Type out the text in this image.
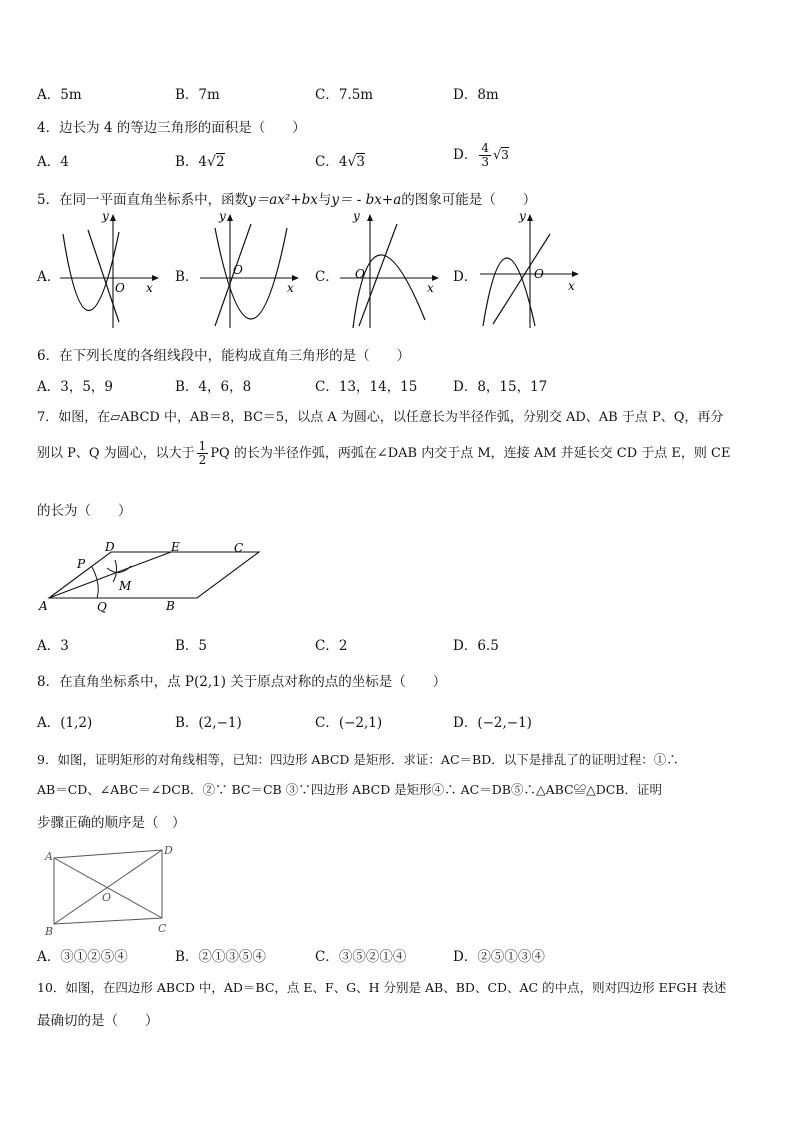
A．5m	B．7m	C．7.5m	D．8m
4．边长为 4 的等边三角形的面积是（　　）
A．4	B．4√2	C．4√3	D． $\frac{4}{3} √3$
5．在同一平面直角坐标系中，函数y＝ax²+bx与y＝ - bx+a的图象可能是（　　）
A．	B．	C．	D．
y
x
O
y
x
O
y
x
O
y
x
O
6．在下列长度的各组线段中，能构成直角三角形的是（　　）
A．3，5，9	B．4，6，8	C．13，14，15	D．8，15，17
7．如图，在▱ABCD 中，AB＝8，BC＝5，以点 A 为圆心，以任意长为半径作弧，分别交 AD、AB 于点 P、Q，再分
别以 P、Q 为圆心，以大于 $\frac{1}{2}$ PQ 的长为半径作弧，两弧在∠DAB 内交于点 M，连接 AM 并延长交 CD 于点 E，则 CE
的长为（　　）
D	E	C
P
M
A	Q	B
A．3	B．5	C．2	D．6.5
8．在直角坐标系中，点 P(2,1) 关于原点对称的点的坐标是（　　）
A．(1,2)	B．(2,−1)	C．(−2,1)	D．(−2,−1)
9．如图，证明矩形的对角线相等，已知：四边形 ABCD 是矩形．求证：AC＝BD．以下是排乱了的证明过程：①∴
AB＝CD、∠ABC＝∠DCB．②∵ BC＝CB ③∵四边形 ABCD 是矩形④∴ AC＝DB⑤∴△ABC≌△DCB．证明
步骤正确的顺序是（　）
A	D
O
B	C
A．③①②⑤④	B．②①③⑤④	C．③⑤②①④	D．②⑤①③④
10．如图，在四边形 ABCD 中，AD＝BC，点 E、F、G、H 分别是 AB、BD、CD、AC 的中点，则对四边形 EFGH 表述
最确切的是（　　）
